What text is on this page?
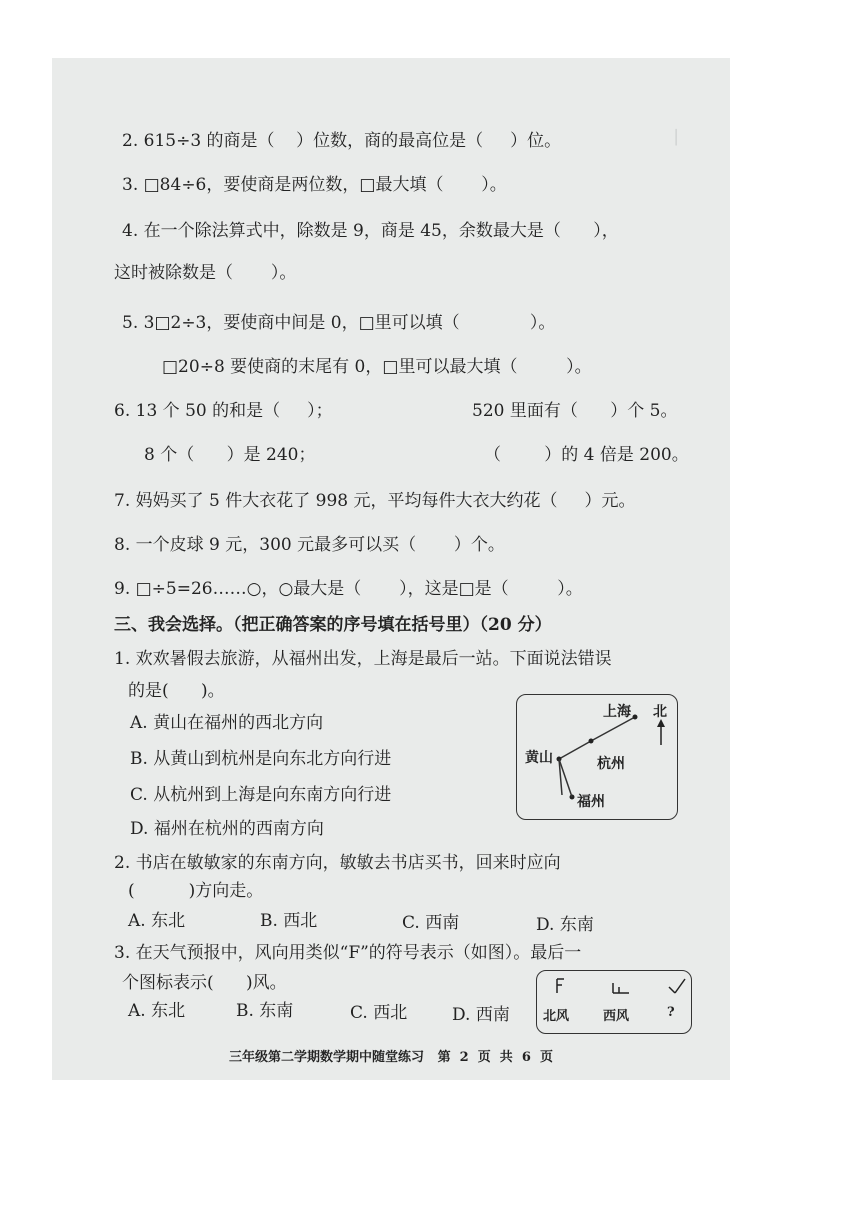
│
2. 615÷3 的商是（    ）位数，商的最高位是（     ）位。
3. □84÷6，要使商是两位数，□最大填（       ）。
4. 在一个除法算式中，除数是 9，商是 45，余数最大是（      ），
这时被除数是（       ）。
5. 3□2÷3，要使商中间是 0，□里可以填（             ）。
□20÷8 要使商的末尾有 0，□里可以最大填（         ）。
6. 13 个 50 的和是（     ）；	520 里面有（      ）个 5。
8 个（      ）是 240；	（        ）的 4 倍是 200。
7. 妈妈买了 5 件大衣花了 998 元，平均每件大衣大约花（     ）元。
8. 一个皮球 9 元，300 元最多可以买（       ）个。
9. □÷5=26……○，○最大是（       ），这是□是（         ）。
三、我会选择。（把正确答案的序号填在括号里）（20 分）
1. 欢欢暑假去旅游，从福州出发，上海是最后一站。下面说法错误
的是(      )。
A. 黄山在福州的西北方向
B. 从黄山到杭州是向东北方向行进
C. 从杭州到上海是向东南方向行进
D. 福州在杭州的西南方向
上海 北
黄山	杭州
福州
2. 书店在敏敏家的东南方向，敏敏去书店买书，回来时应向
(          )方向走。
A. 东北	B. 西北	C. 西南	D. 东南
3. 在天气预报中，风向用类似“F”的符号表示（如图）。最后一
个图标表示(      )风。
A. 东北	B. 东南	C. 西北	D. 西南	北风	西风	?
三年级第二学期数学期中随堂练习   第  2  页  共  6  页
